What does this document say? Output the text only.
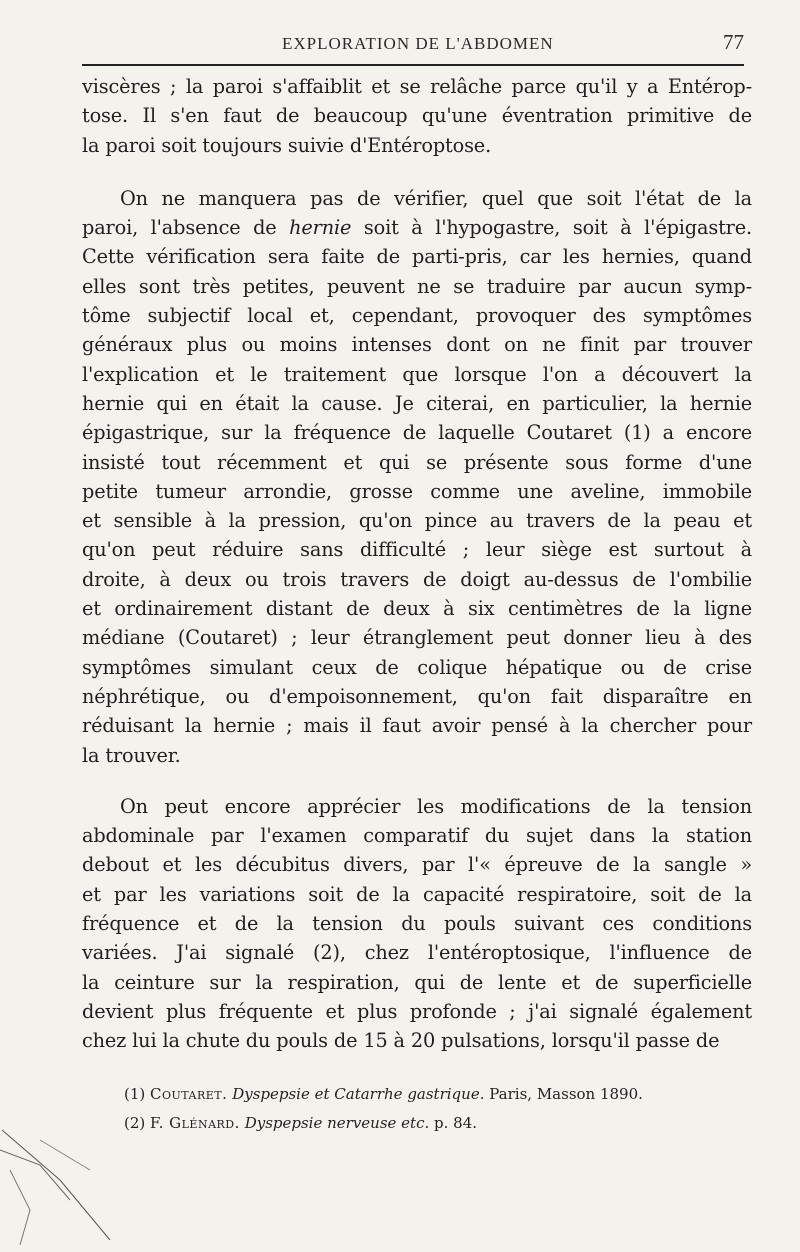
EXPLORATION DE L'ABDOMEN	77
viscères ; la paroi s'affaiblit et se relâche parce qu'il y a Entérop-
tose. Il s'en faut de beaucoup qu'une éventration primitive de
la paroi soit toujours suivie d'Entéroptose.
On ne manquera pas de vérifier, quel que soit l'état de la
paroi, l'absence de hernie soit à l'hypogastre, soit à l'épigastre.
Cette vérification sera faite de parti-pris, car les hernies, quand
elles sont très petites, peuvent ne se traduire par aucun symp-
tôme subjectif local et, cependant, provoquer des symptômes
généraux plus ou moins intenses dont on ne finit par trouver
l'explication et le traitement que lorsque l'on a découvert la
hernie qui en était la cause. Je citerai, en particulier, la hernie
épigastrique, sur la fréquence de laquelle Coutaret (1) a encore
insisté tout récemment et qui se présente sous forme d'une
petite tumeur arrondie, grosse comme une aveline, immobile
et sensible à la pression, qu'on pince au travers de la peau et
qu'on peut réduire sans difficulté ; leur siège est surtout à
droite, à deux ou trois travers de doigt au-dessus de l'ombilie
et ordinairement distant de deux à six centimètres de la ligne
médiane (Coutaret) ; leur étranglement peut donner lieu à des
symptômes simulant ceux de colique hépatique ou de crise
néphrétique, ou d'empoisonnement, qu'on fait disparaître en
réduisant la hernie ; mais il faut avoir pensé à la chercher pour
la trouver.
On peut encore apprécier les modifications de la tension
abdominale par l'examen comparatif du sujet dans la station
debout et les décubitus divers, par l'« épreuve de la sangle »
et par les variations soit de la capacité respiratoire, soit de la
fréquence et de la tension du pouls suivant ces conditions
variées. J'ai signalé (2), chez l'entéroptosique, l'influence de
la ceinture sur la respiration, qui de lente et de superficielle
devient plus fréquente et plus profonde ; j'ai signalé également
chez lui la chute du pouls de 15 à 20 pulsations, lorsqu'il passe de
(1) Coutaret. Dyspepsie et Catarrhe gastrique. Paris, Masson 1890.
(2) F. Glénard. Dyspepsie nerveuse etc. p. 84.
